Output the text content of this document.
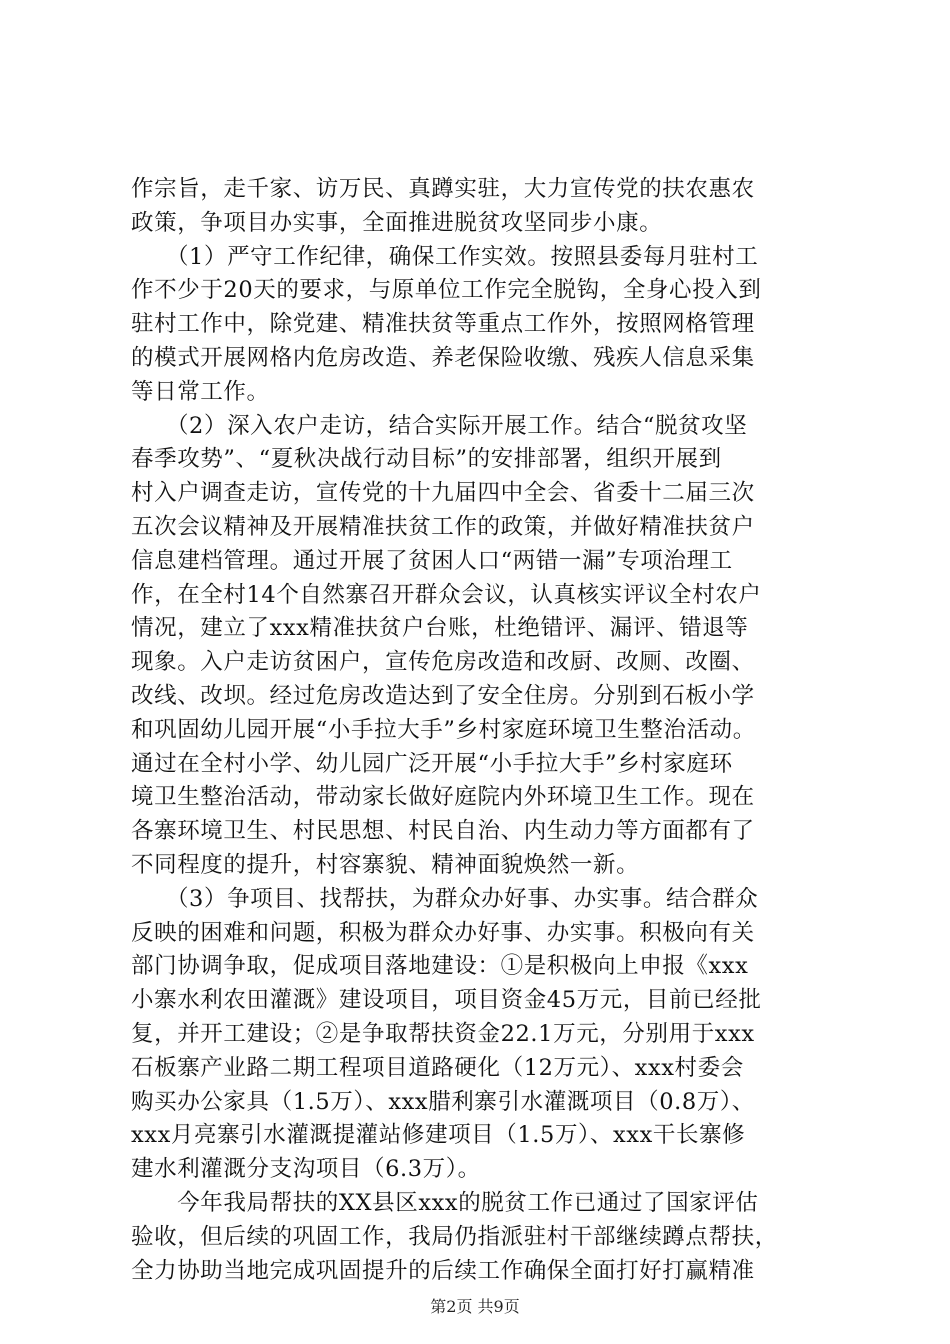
作宗旨，走千家、访万民、真蹲实驻，大力宣传党的扶农惠农
政策，争项目办实事，全面推进脱贫攻坚同步小康。
　　（1）严守工作纪律，确保工作实效。按照县委每月驻村工
作不少于20天的要求，与原单位工作完全脱钩，全身心投入到
驻村工作中，除党建、精准扶贫等重点工作外，按照网格管理
的模式开展网格内危房改造、养老保险收缴、残疾人信息采集
等日常工作。
　　（2）深入农户走访，结合实际开展工作。结合“脱贫攻坚
春季攻势”、“夏秋决战行动目标”的安排部署，组织开展到
村入户调查走访，宣传党的十九届四中全会、省委十二届三次
五次会议精神及开展精准扶贫工作的政策，并做好精准扶贫户
信息建档管理。通过开展了贫困人口“两错一漏”专项治理工
作，在全村14个自然寨召开群众会议，认真核实评议全村农户
情况，建立了xxx精准扶贫户台账，杜绝错评、漏评、错退等
现象。入户走访贫困户，宣传危房改造和改厨、改厕、改圈、
改线、改坝。经过危房改造达到了安全住房。分别到石板小学
和巩固幼儿园开展“小手拉大手”乡村家庭环境卫生整治活动。
通过在全村小学、幼儿园广泛开展“小手拉大手”乡村家庭环
境卫生整治活动，带动家长做好庭院内外环境卫生工作。现在
各寨环境卫生、村民思想、村民自治、内生动力等方面都有了
不同程度的提升，村容寨貌、精神面貌焕然一新。
　　（3）争项目、找帮扶，为群众办好事、办实事。结合群众
反映的困难和问题，积极为群众办好事、办实事。积极向有关
部门协调争取，促成项目落地建设：①是积极向上申报《xxx
小寨水利农田灌溉》建设项目，项目资金45万元，目前已经批
复，并开工建设；②是争取帮扶资金22.1万元，分别用于xxx
石板寨产业路二期工程项目道路硬化（12万元）、xxx村委会
购买办公家具（1.5万）、xxx腊利寨引水灌溉项目（0.8万）、
xxx月亮寨引水灌溉提灌站修建项目（1.5万）、xxx干长寨修
建水利灌溉分支沟项目（6.3万）。
　　今年我局帮扶的XX县区xxx的脱贫工作已通过了国家评估
验收，但后续的巩固工作，我局仍指派驻村干部继续蹲点帮扶，
全力协助当地完成巩固提升的后续工作确保全面打好打赢精准
第2页 共9页
